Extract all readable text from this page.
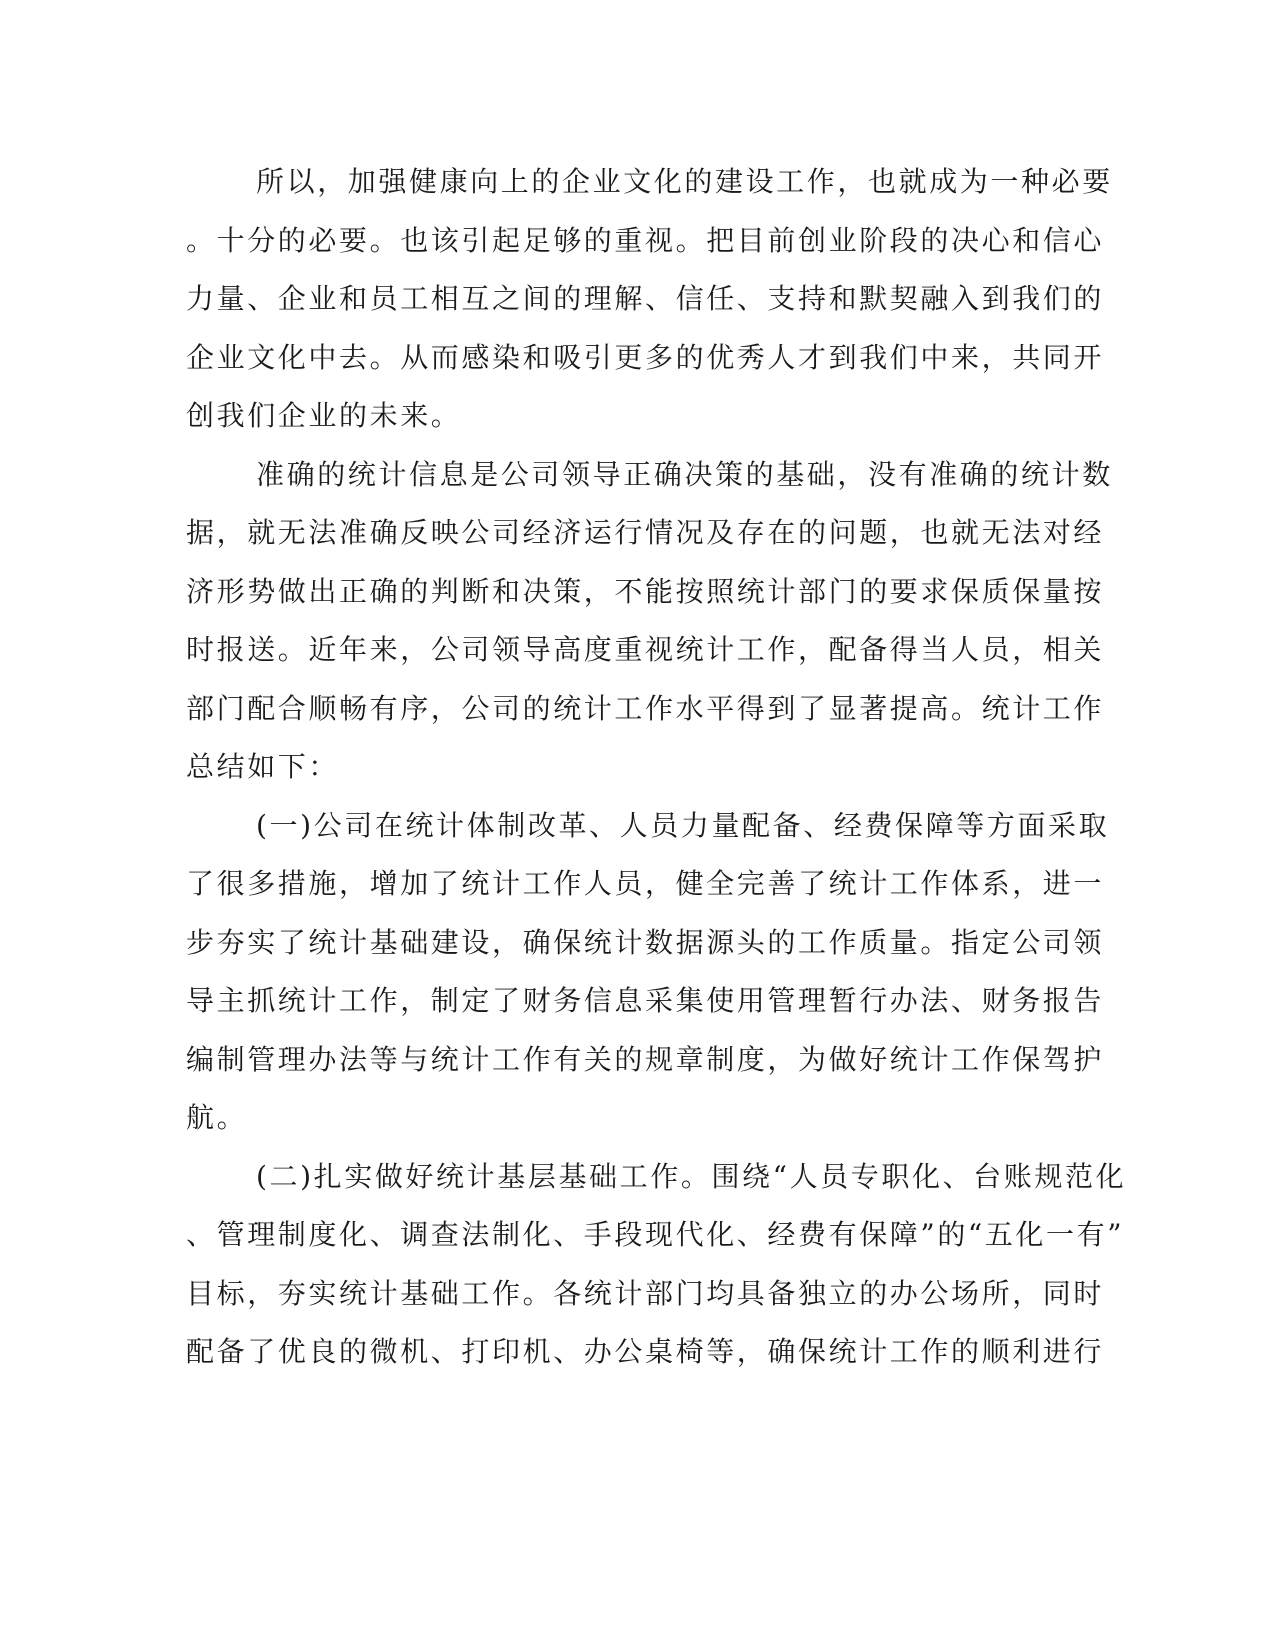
所以，加强健康向上的企业文化的建设工作，也就成为一种必要
。十分的必要。也该引起足够的重视。把目前创业阶段的决心和信心
力量、企业和员工相互之间的理解、信任、支持和默契融入到我们的
企业文化中去。从而感染和吸引更多的优秀人才到我们中来，共同开
创我们企业的未来。
准确的统计信息是公司领导正确决策的基础，没有准确的统计数
据，就无法准确反映公司经济运行情况及存在的问题，也就无法对经
济形势做出正确的判断和决策，不能按照统计部门的要求保质保量按
时报送。近年来，公司领导高度重视统计工作，配备得当人员，相关
部门配合顺畅有序，公司的统计工作水平得到了显著提高。统计工作
总结如下：
(一)公司在统计体制改革、人员力量配备、经费保障等方面采取
了很多措施，增加了统计工作人员，健全完善了统计工作体系，进一
步夯实了统计基础建设，确保统计数据源头的工作质量。指定公司领
导主抓统计工作，制定了财务信息采集使用管理暂行办法、财务报告
编制管理办法等与统计工作有关的规章制度，为做好统计工作保驾护
航。
(二)扎实做好统计基层基础工作。围绕“人员专职化、台账规范化
、管理制度化、调查法制化、手段现代化、经费有保障”的“五化一有”
目标，夯实统计基础工作。各统计部门均具备独立的办公场所，同时
配备了优良的微机、打印机、办公桌椅等，确保统计工作的顺利进行
